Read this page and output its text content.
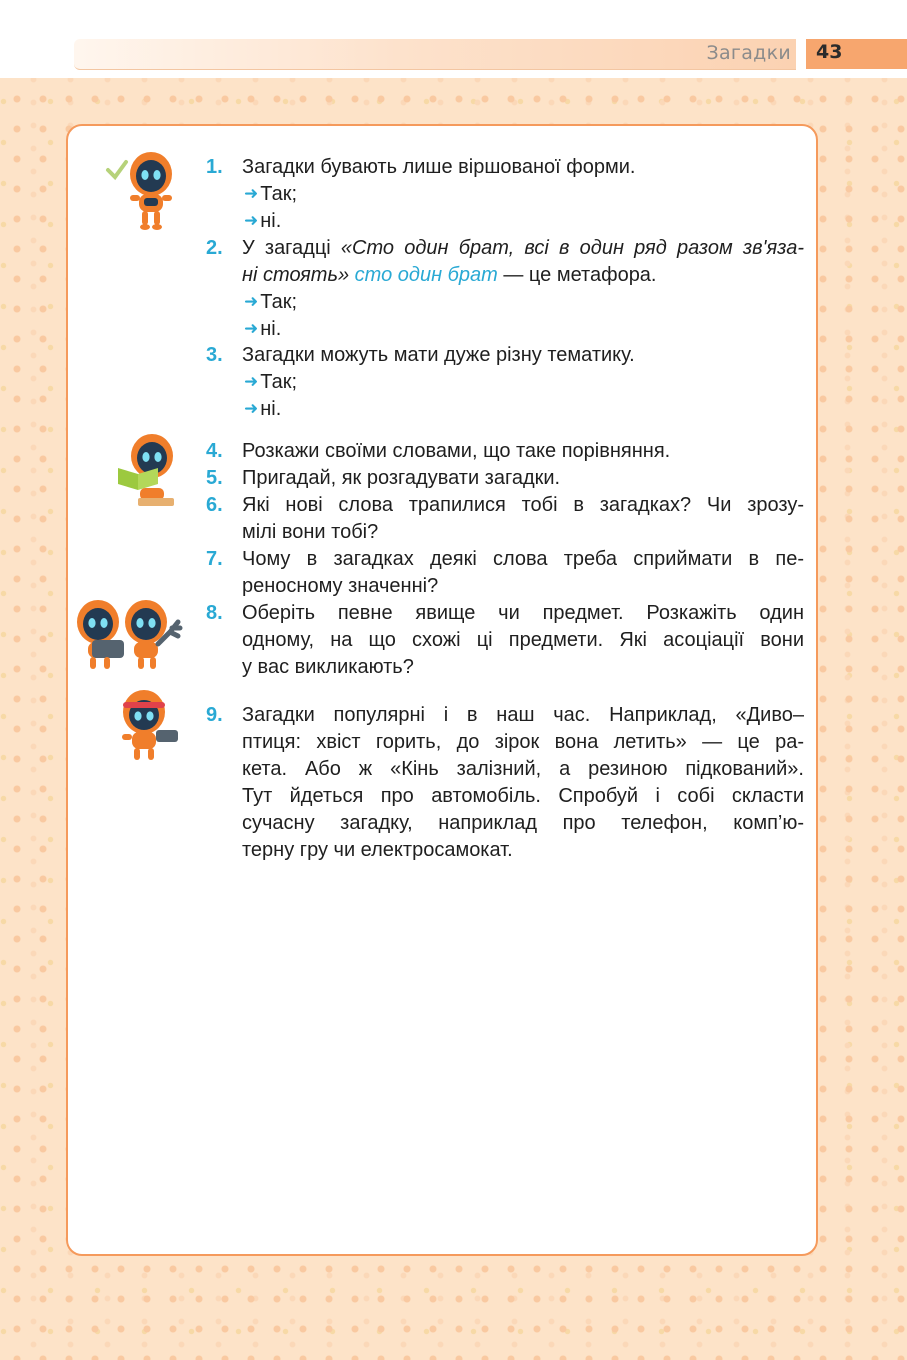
Загадки 43
1. Загадки бувають лише віршованої форми.
➜ Так;
➜ ні.
2. У загадці «Сто один брат, всі в один ряд разом зв'яза-
ні стоять» сто один брат — це метафора.
➜ Так;
➜ ні.
3. Загадки можуть мати дуже різну тематику.
➜ Так;
➜ ні.
4. Розкажи своїми словами, що таке порівняння.
5. Пригадай, як розгадувати загадки.
6. Які нові слова трапилися тобі в загадках? Чи зрозу-
мілі вони тобі?
7. Чому в загадках деякі слова треба сприймати в пе-
реносному значенні?
8. Оберіть певне явище чи предмет. Розкажіть один
одному, на що схожі ці предмети. Які асоціації вони
у вас викликають?
9. Загадки популярні і в наш час. Наприклад, «Диво–
птиця: хвіст горить, до зірок вона летить» — це ра-
кета. Або ж «Кінь залізний, а резиною підкований».
Тут йдеться про автомобіль. Спробуй і собі скласти
сучасну загадку, наприклад про телефон, комп’ю-
терну гру чи електросамокат.
